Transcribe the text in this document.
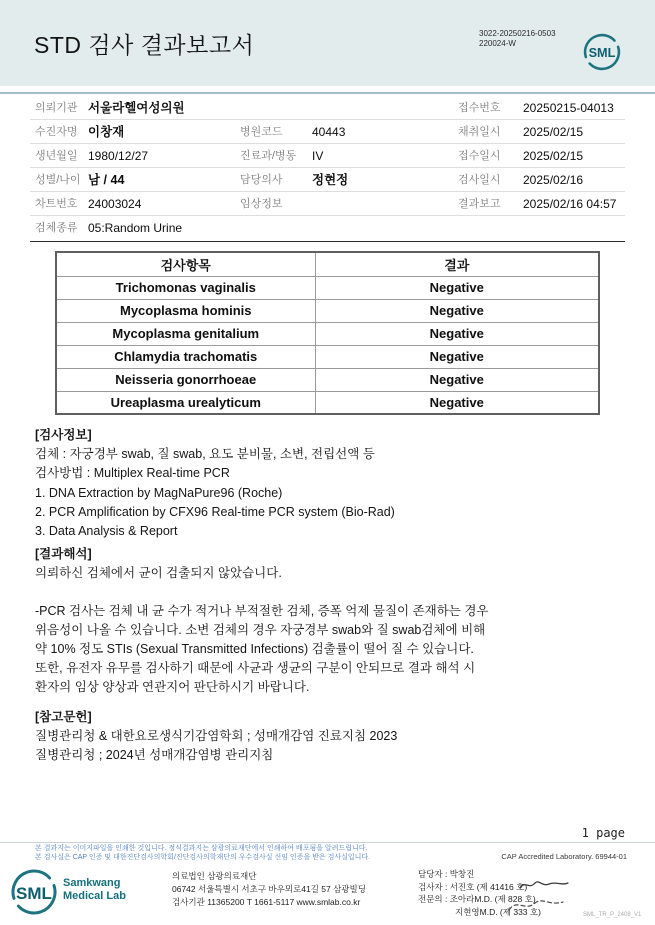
STD 검사 결과보고서	3022-20250216-0503
220024-W
SML
의뢰기관 서울라헬여성의원	접수번호 20250215-04013
수진자명 이창재	병원코드 40443	채취일시 2025/02/15
생년월일 1980/12/27	진료과/병동 IV	접수일시 2025/02/15
성별/나이 남 / 44	담당의사 정현정	검사일시 2025/02/16
차트번호 24003024	임상정보	결과보고 2025/02/16 04:57
검체종류 05:Random Urine
검사항목	결과
Trichomonas vaginalis	Negative
Mycoplasma hominis	Negative
Mycoplasma genitalium	Negative
Chlamydia trachomatis	Negative
Neisseria gonorrhoeae	Negative
Ureaplasma urealyticum	Negative
[검사정보]
검체 : 자궁경부 swab, 질 swab, 요도 분비물, 소변, 전립선액 등
검사방법 : Multiplex Real-time PCR
1. DNA Extraction by MagNaPure96 (Roche)
2. PCR Amplification by CFX96 Real-time PCR system (Bio-Rad)
3. Data Analysis & Report
[결과해석]
의뢰하신 검체에서 균이 검출되지 않았습니다.
-PCR 검사는 검체 내 균 수가 적거나 부적절한 검체, 증폭 억제 물질이 존재하는 경우
위음성이 나올 수 있습니다. 소변 검체의 경우 자궁경부 swab와 질 swab검체에 비해
약 10% 정도 STIs (Sexual Transmitted Infections) 검출률이 떨어 질 수 있습니다.
또한, 유전자 유무를 검사하기 때문에 사균과 생균의 구분이 안되므로 결과 해석 시
환자의 임상 양상과 연관지어 판단하시기 바랍니다.
[참고문헌]
질병관리청 & 대한요로생식기감염학회 ; 성매개감염 진료지침 2023
질병관리청 ; 2024년 성매개감염병 관리지침
1 page
본 결과지는 이미지파일을 인쇄한 것입니다. 정식결과지는 삼광의료재단에서 인쇄하여 배포됨을 알려드립니다.
본 검사실은 CAP 인증 및 대한진단검사의학회/진단검사의학재단의 우수검사실 신임 인증을 받은 검사실입니다.	CAP Accredited Laboratory. 69944-01
SML
Samkwang
Medical Lab
의료법인 삼광의료재단
06742 서울특별시 서초구 바우뫼로41길 57 삼광빌딩
검사기관 11365200 T 1661-5117 www.smlab.co.kr
담당자 : 박창진
검사자 : 서진호 (제 41416 호)
전문의 : 조아라M.D. (제 828 호)
지현영M.D. (제 333 호)	SML_TR_P_2408_V1
